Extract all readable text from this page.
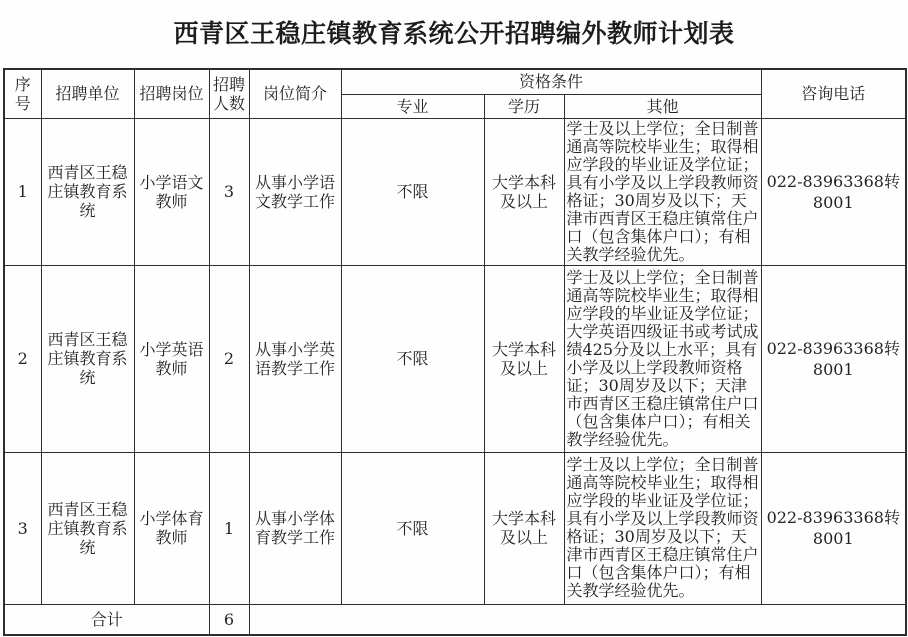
西青区王稳庄镇教育系统公开招聘编外教师计划表
序号	招聘单位	招聘岗位	招聘人数	岗位简介	资格条件			咨询电话
					专业	学历	其他	
1	西青区王稳庄镇教育系统	小学语文教师	3	从事小学语文教学工作	不限	大学本科及以上	学士及以上学位；全日制普通高等院校毕业生；取得相应学段的毕业证及学位证；具有小学及以上学段教师资格证；30周岁及以下；天津市西青区王稳庄镇常住户口（包含集体户口）；有相关教学经验优先。	022-83963368转8001
2	西青区王稳庄镇教育系统	小学英语教师	2	从事小学英语教学工作	不限	大学本科及以上	学士及以上学位；全日制普通高等院校毕业生；取得相应学段的毕业证及学位证；大学英语四级证书或考试成绩425分及以上水平；具有小学及以上学段教师资格证；30周岁及以下；天津市西青区王稳庄镇常住户口（包含集体户口）；有相关教学经验优先。	022-83963368转8001
3	西青区王稳庄镇教育系统	小学体育教师	1	从事小学体育教学工作	不限	大学本科及以上	学士及以上学位；全日制普通高等院校毕业生；取得相应学段的毕业证及学位证；具有小学及以上学段教师资格证；30周岁及以下；天津市西青区王稳庄镇常住户口（包含集体户口）；有相关教学经验优先。	022-83963368转8001
合计			6					
